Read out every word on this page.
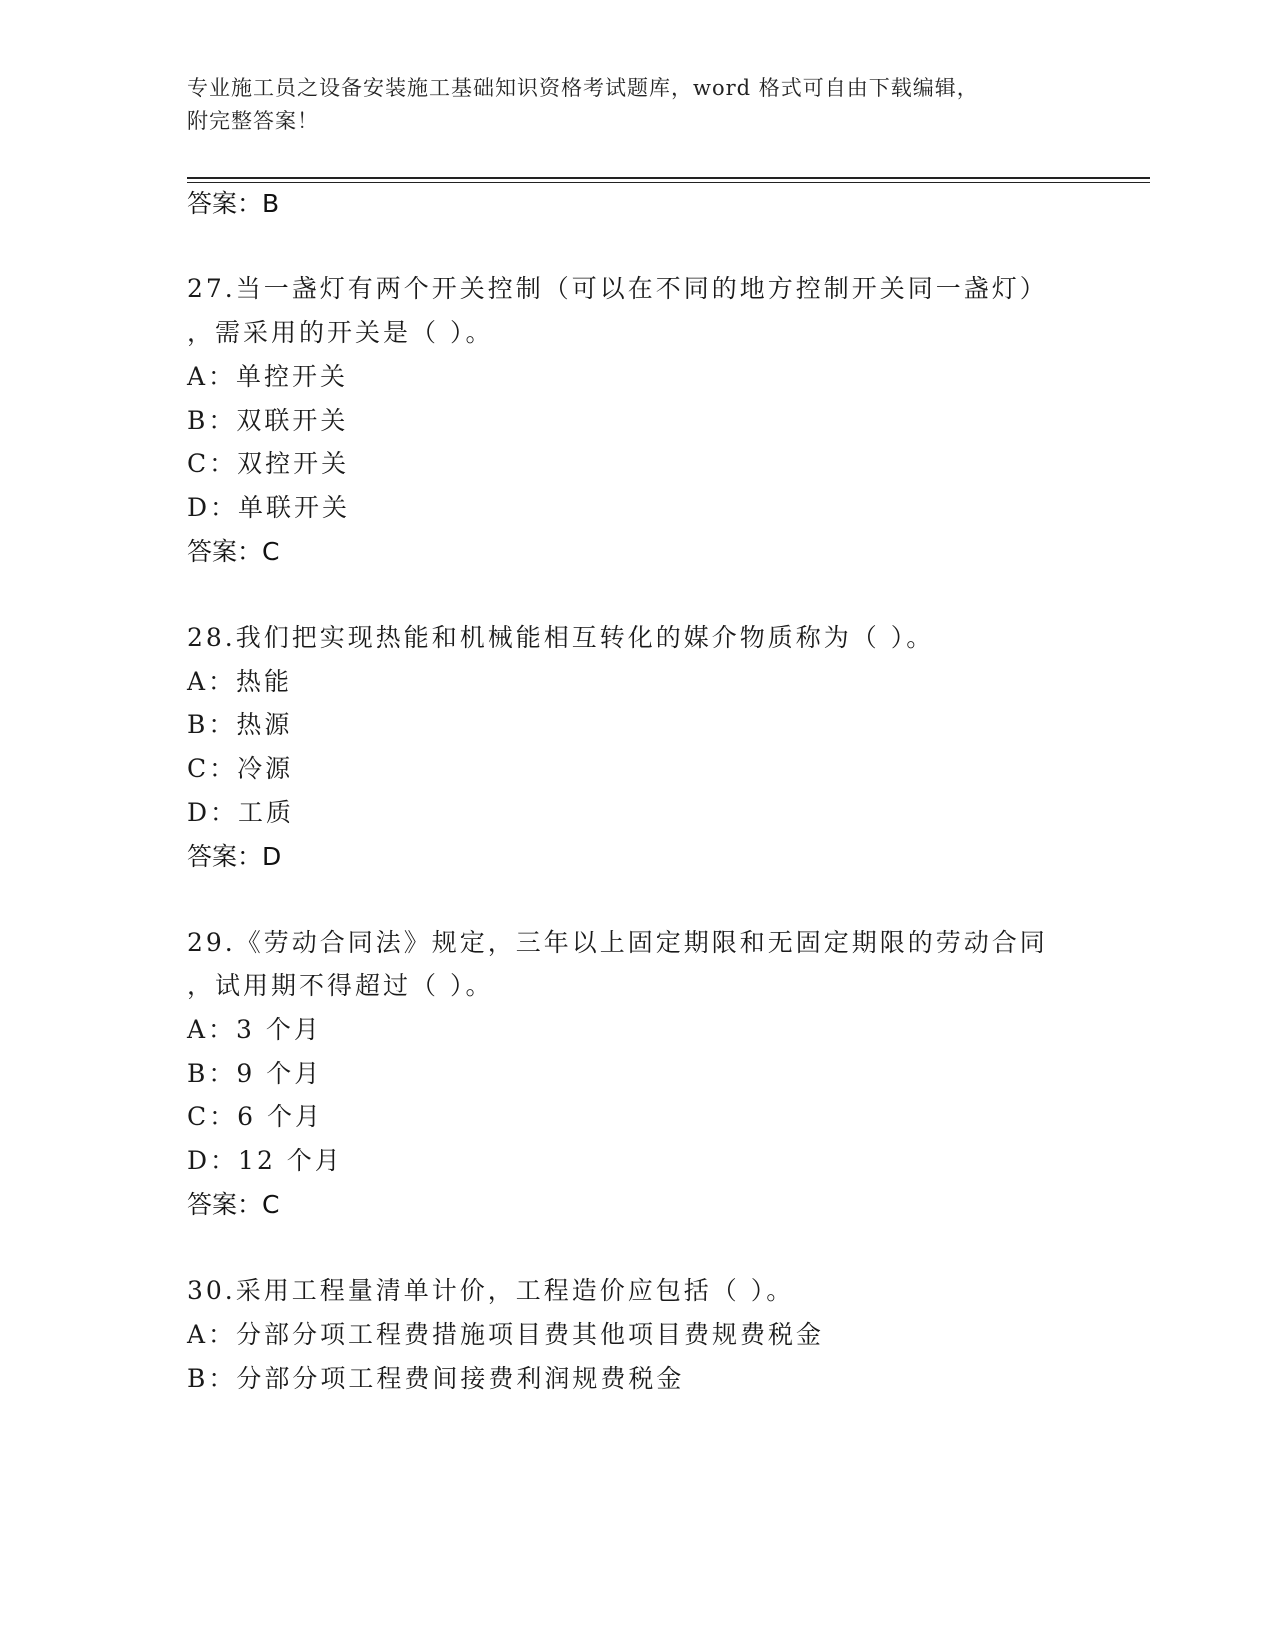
专业施工员之设备安装施工基础知识资格考试题库，word 格式可自由下载编辑，
附完整答案！
答案：B
27.当一盏灯有两个开关控制（可以在不同的地方控制开关同一盏灯）
，需采用的开关是（ ）。
A：单控开关
B：双联开关
C：双控开关
D：单联开关
答案：C
28.我们把实现热能和机械能相互转化的媒介物质称为（ ）。
A：热能
B：热源
C：冷源
D：工质
答案：D
29.《劳动合同法》规定，三年以上固定期限和无固定期限的劳动合同
，试用期不得超过（ ）。
A：3 个月
B：9 个月
C：6 个月
D：12 个月
答案：C
30.采用工程量清单计价，工程造价应包括（ ）。
A：分部分项工程费措施项目费其他项目费规费税金
B：分部分项工程费间接费利润规费税金
